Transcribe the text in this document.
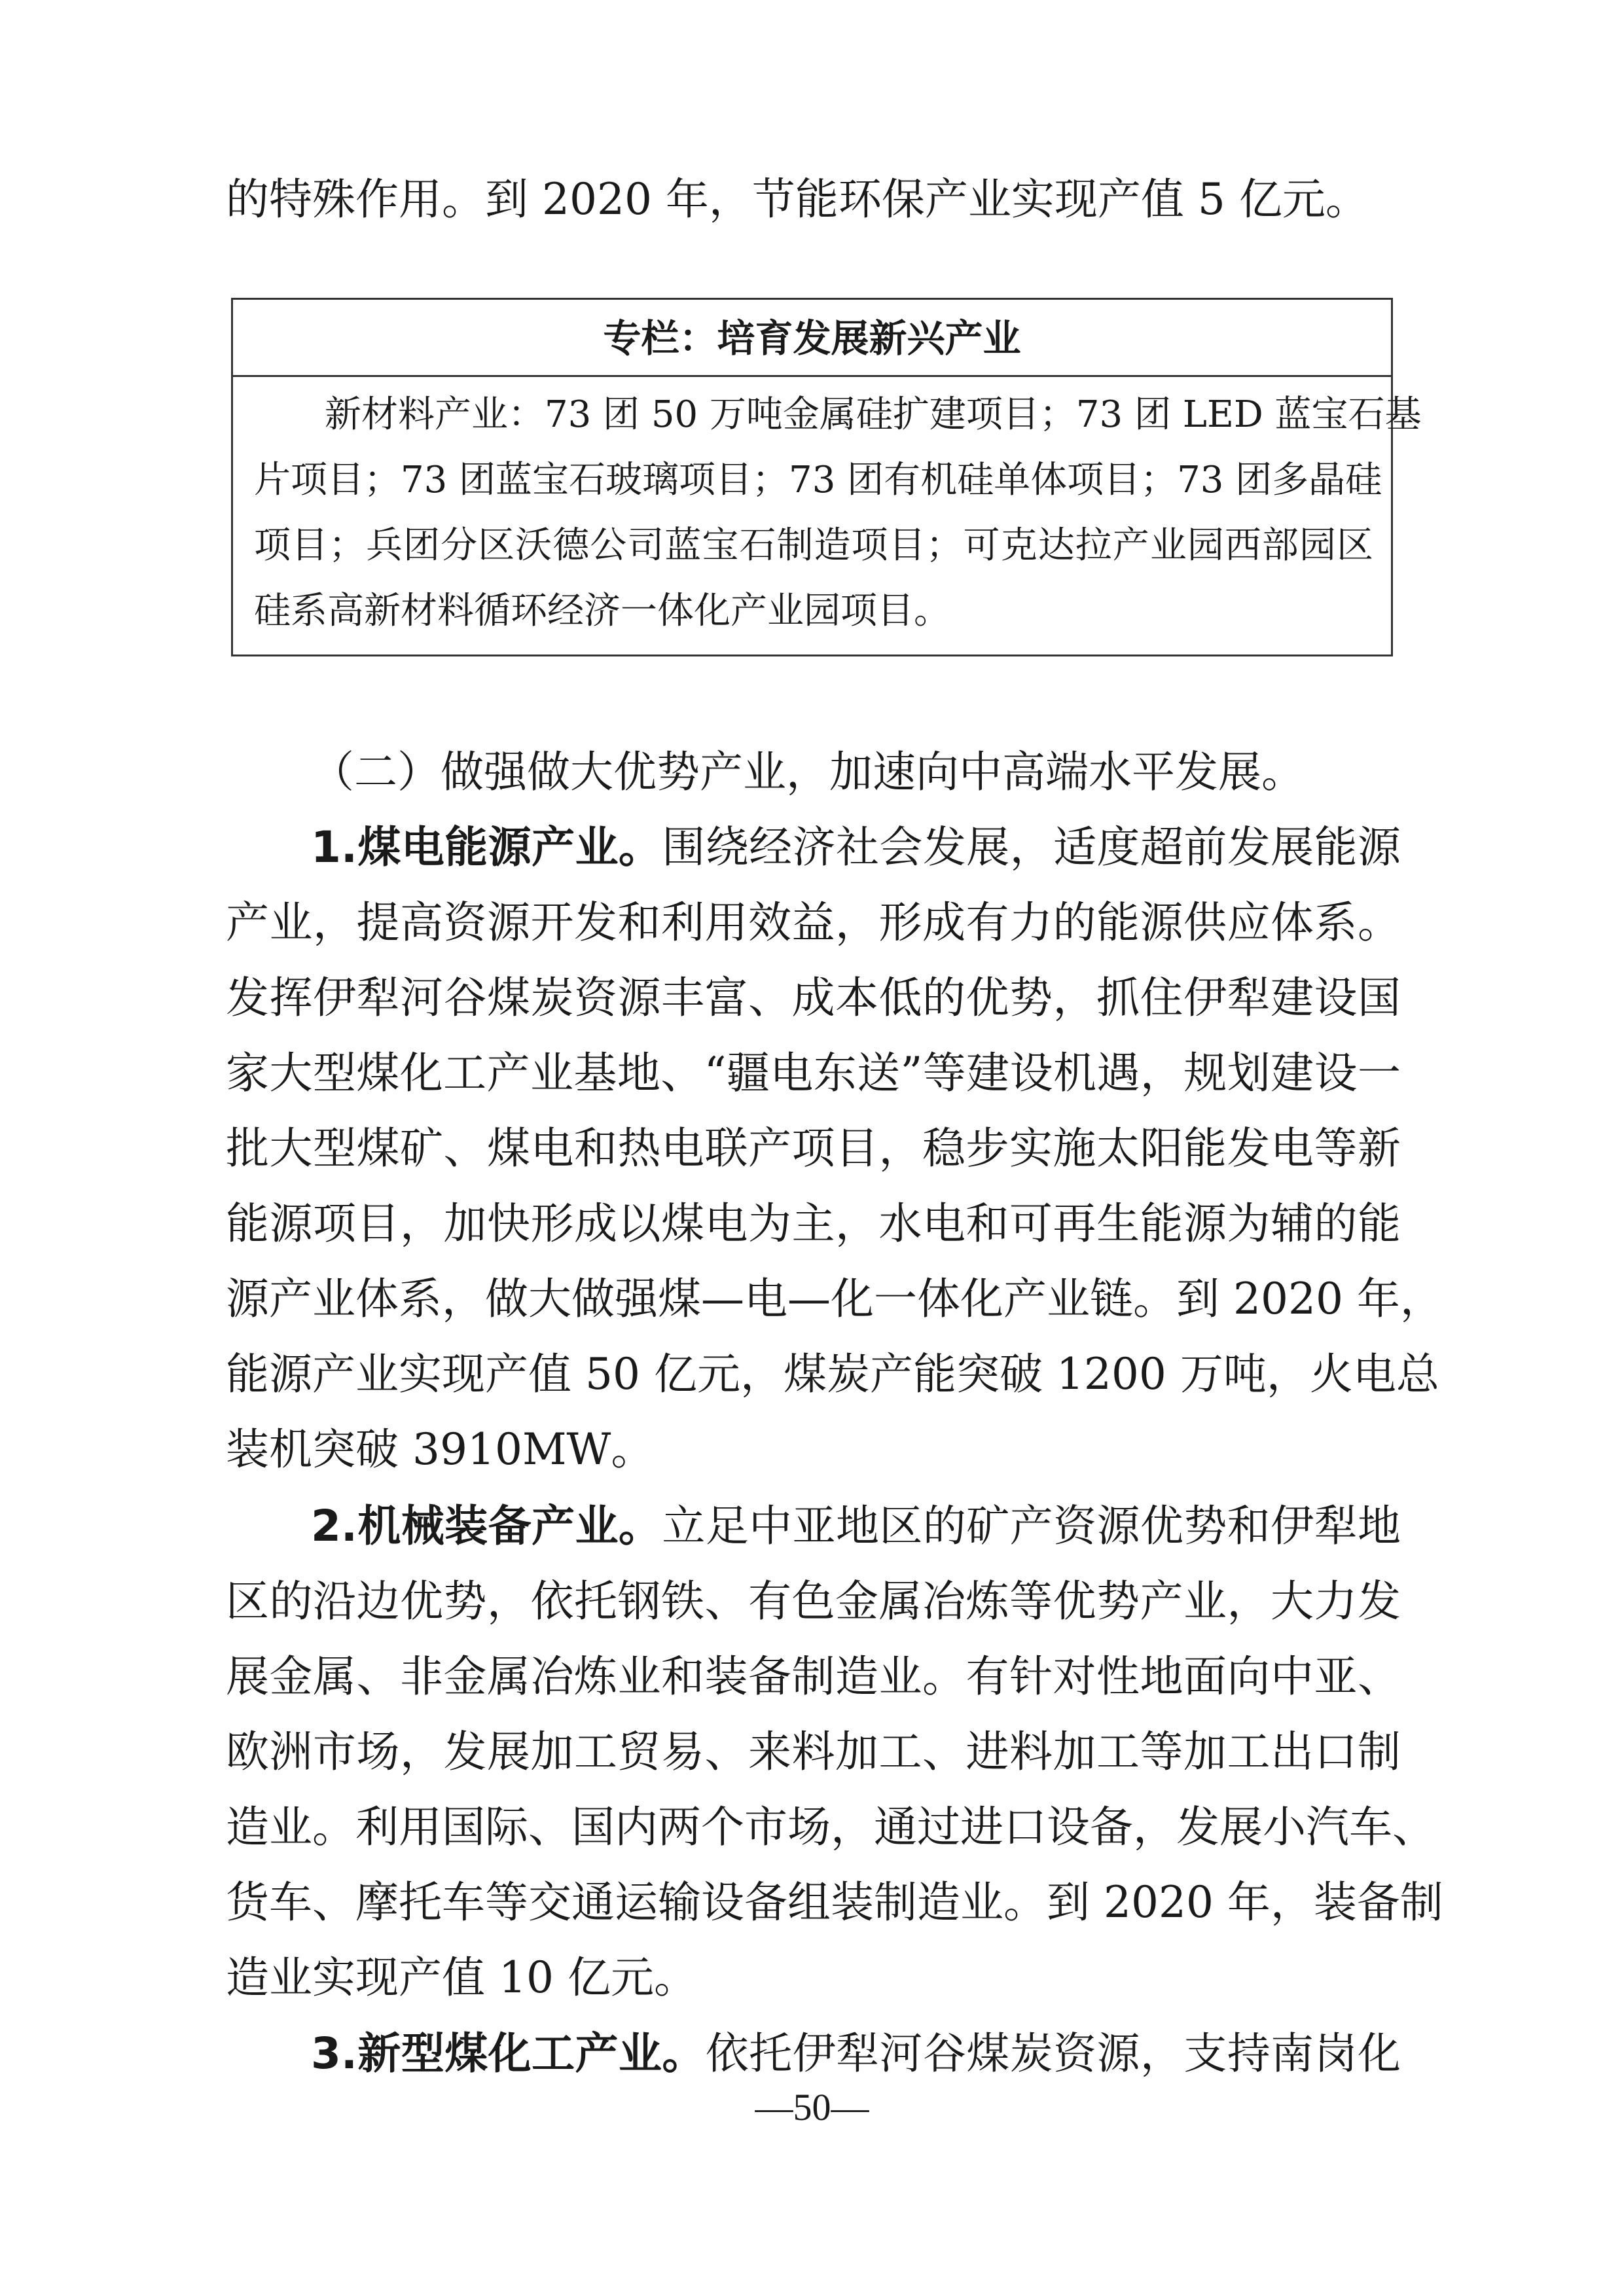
的特殊作用。到 2020 年，节能环保产业实现产值 5 亿元。
专栏：培育发展新兴产业
新材料产业：73 团 50 万吨金属硅扩建项目；73 团 LED 蓝宝石基
片项目；73 团蓝宝石玻璃项目；73 团有机硅单体项目；73 团多晶硅
项目；兵团分区沃德公司蓝宝石制造项目；可克达拉产业园西部园区
硅系高新材料循环经济一体化产业园项目。
（二）做强做大优势产业，加速向中高端水平发展。
1.煤电能源产业。围绕经济社会发展，适度超前发展能源
产业，提高资源开发和利用效益，形成有力的能源供应体系。
发挥伊犁河谷煤炭资源丰富、成本低的优势，抓住伊犁建设国
家大型煤化工产业基地、“疆电东送”等建设机遇，规划建设一
批大型煤矿、煤电和热电联产项目，稳步实施太阳能发电等新
能源项目，加快形成以煤电为主，水电和可再生能源为辅的能
源产业体系，做大做强煤—电—化一体化产业链。到 2020 年，
能源产业实现产值 50 亿元，煤炭产能突破 1200 万吨，火电总
装机突破 3910MW。
2.机械装备产业。立足中亚地区的矿产资源优势和伊犁地
区的沿边优势，依托钢铁、有色金属冶炼等优势产业，大力发
展金属、非金属冶炼业和装备制造业。有针对性地面向中亚、
欧洲市场，发展加工贸易、来料加工、进料加工等加工出口制
造业。利用国际、国内两个市场，通过进口设备，发展小汽车、
货车、摩托车等交通运输设备组装制造业。到 2020 年，装备制
造业实现产值 10 亿元。
3.新型煤化工产业。依托伊犁河谷煤炭资源，支持南岗化
—50—
